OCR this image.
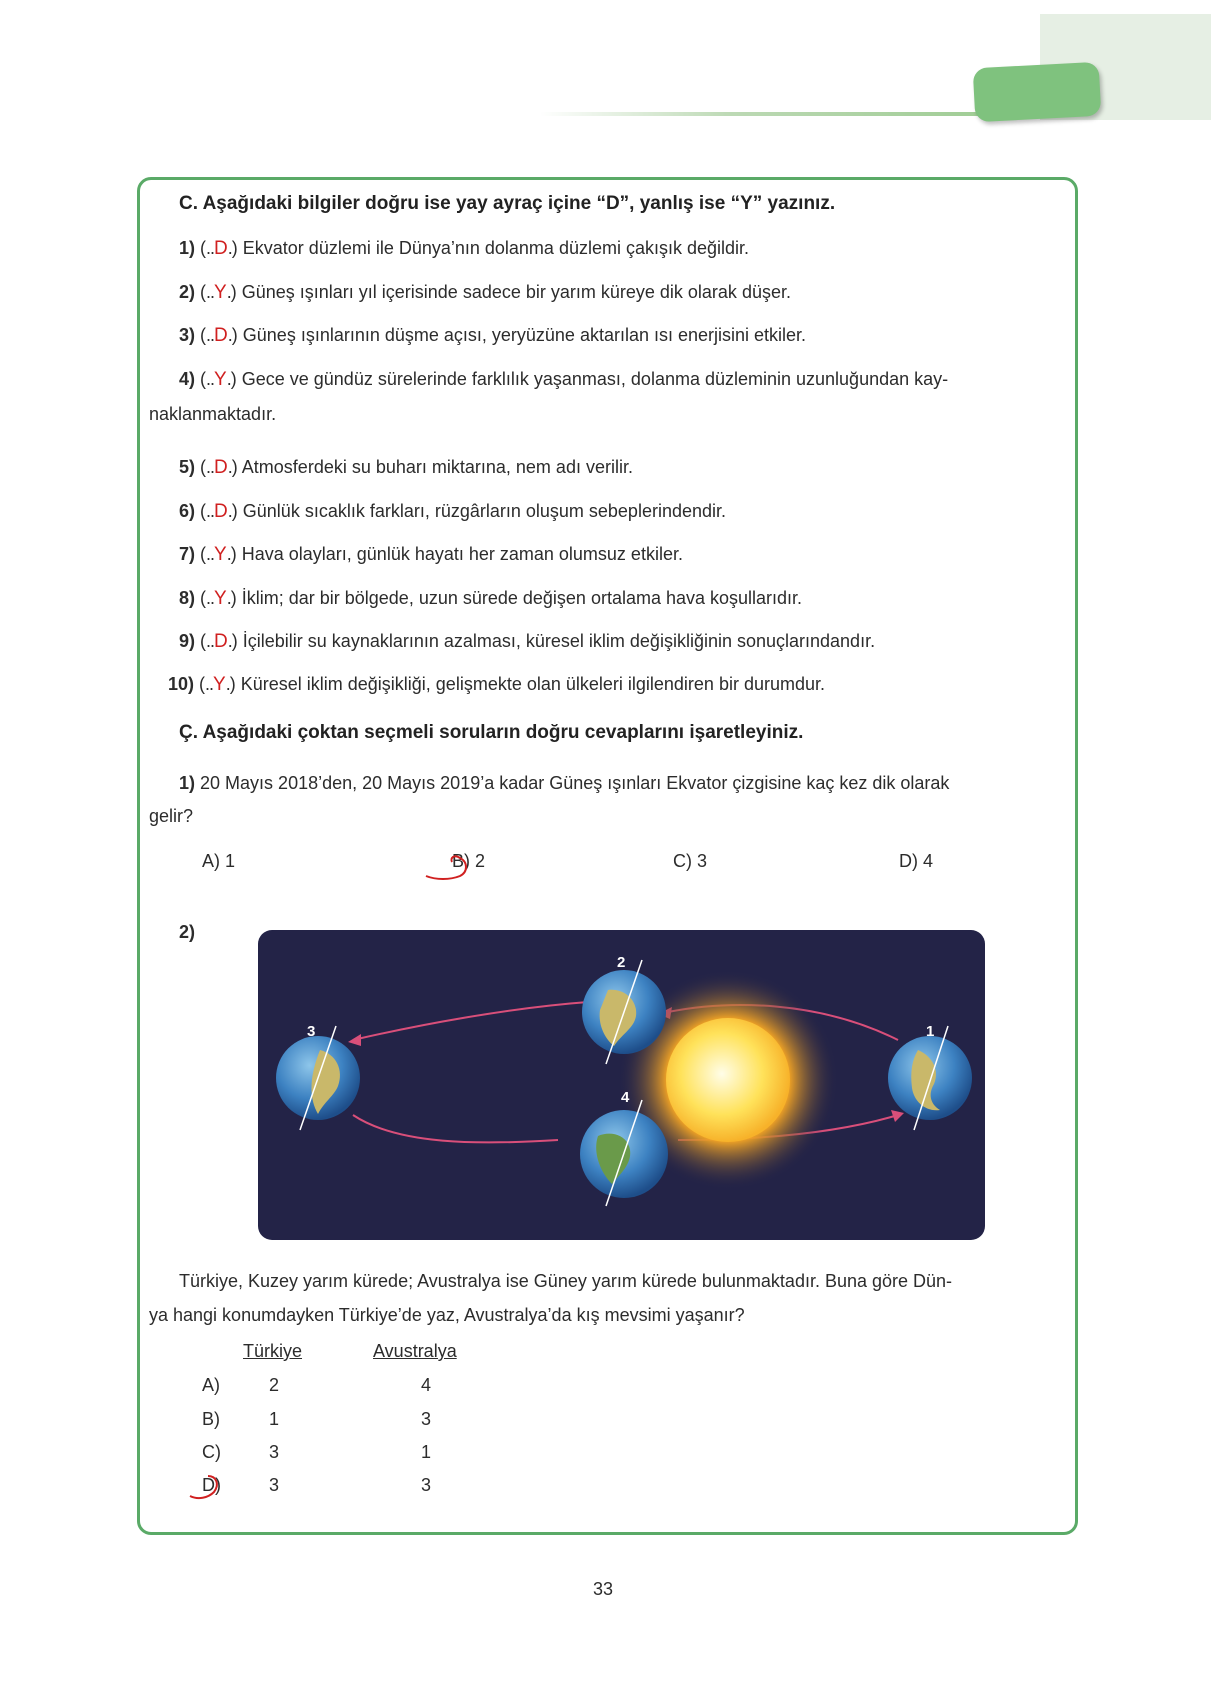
C. Aşağıdaki bilgiler doğru ise yay ayraç içine “D”, yanlış ise “Y” yazınız.
1) (..D.) Ekvator düzlemi ile Dünya’nın dolanma düzlemi çakışık değildir.
2) (..Y.) Güneş ışınları yıl içerisinde sadece bir yarım küreye dik olarak düşer.
3) (..D.) Güneş ışınlarının düşme açısı, yeryüzüne aktarılan ısı enerjisini etkiler.
4) (..Y.) Gece ve gündüz sürelerinde farklılık yaşanması, dolanma düzleminin uzunluğundan kay-
naklanmaktadır.
5) (..D.) Atmosferdeki su buharı miktarına, nem adı verilir.
6) (..D.) Günlük sıcaklık farkları, rüzgârların oluşum sebeplerindendir.
7) (..Y.) Hava olayları, günlük hayatı her zaman olumsuz etkiler.
8) (..Y.) İklim; dar bir bölgede, uzun sürede değişen ortalama hava koşullarıdır.
9) (..D.) İçilebilir su kaynaklarının azalması, küresel iklim değişikliğinin sonuçlarındandır.
10) (..Y.) Küresel iklim değişikliği, gelişmekte olan ülkeleri ilgilendiren bir durumdur.
Ç. Aşağıdaki çoktan seçmeli soruların doğru cevaplarını işaretleyiniz.
1) 20 Mayıs 2018’den, 20 Mayıs 2019’a kadar Güneş ışınları Ekvator çizgisine kaç kez dik olarak
gelir?
A) 1	B) 2	C) 3	D) 4
2)
2
1
3
4
Türkiye, Kuzey yarım kürede; Avustralya ise Güney yarım kürede bulunmaktadır. Buna göre Dün-
ya hangi konumdayken Türkiye’de yaz, Avustralya’da kış mevsimi yaşanır?
Türkiye	Avustralya
A)	2	4
B)	1	3
C)	3	1
D)	3	3
33
